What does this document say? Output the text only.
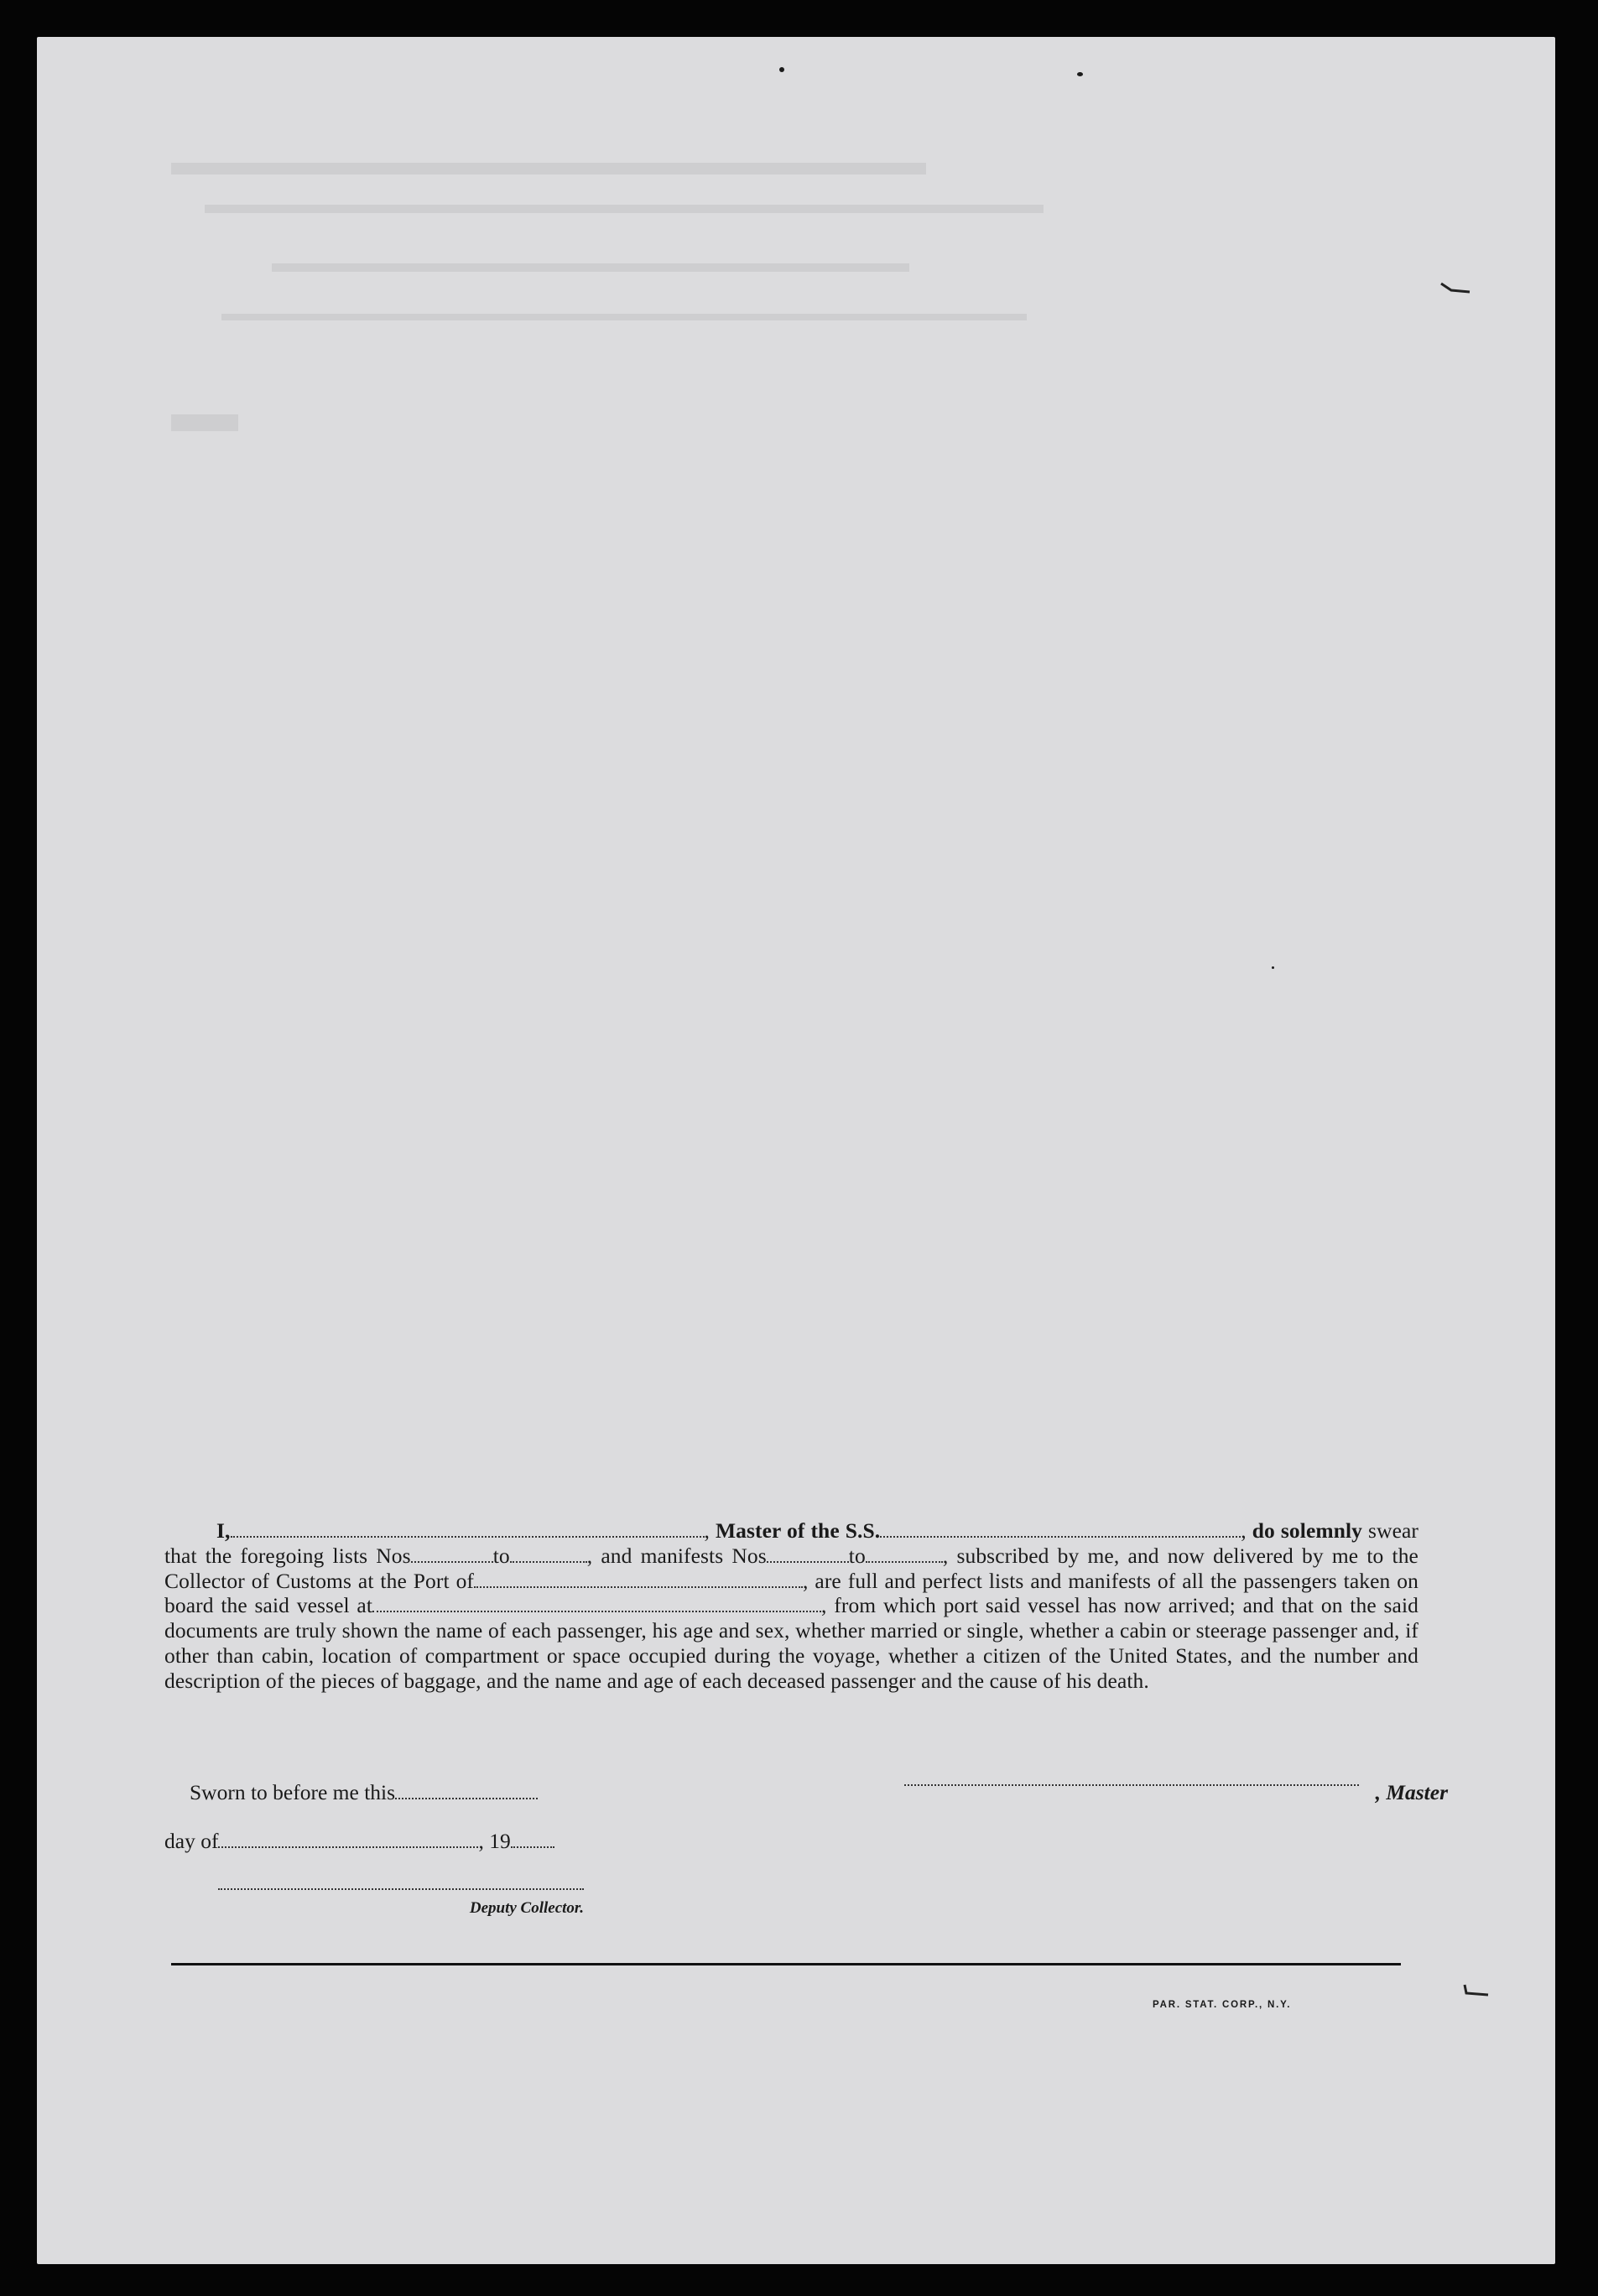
I,	, Master of the S.S.	, do solemnly swear that the foregoing lists Nos	to	, and manifests Nos	to	, subscribed by me, and now delivered by me to the Collector of Customs at the Port of	, are full and perfect lists and manifests of all the passengers taken on board the said vessel at	, from which port said vessel has now arrived; and that on the said documents are truly shown the name of each passenger, his age and sex, whether married or single, whether a cabin or steerage passenger and, if other than cabin, location of compartment or space occupied during the voyage, whether a citizen of the United States, and the number and description of the pieces of baggage, and the name and age of each deceased passenger and the cause of his death.
Sworn to before me this	, Master
day of	, 19
Deputy Collector.
PAR. STAT. CORP., N.Y.
